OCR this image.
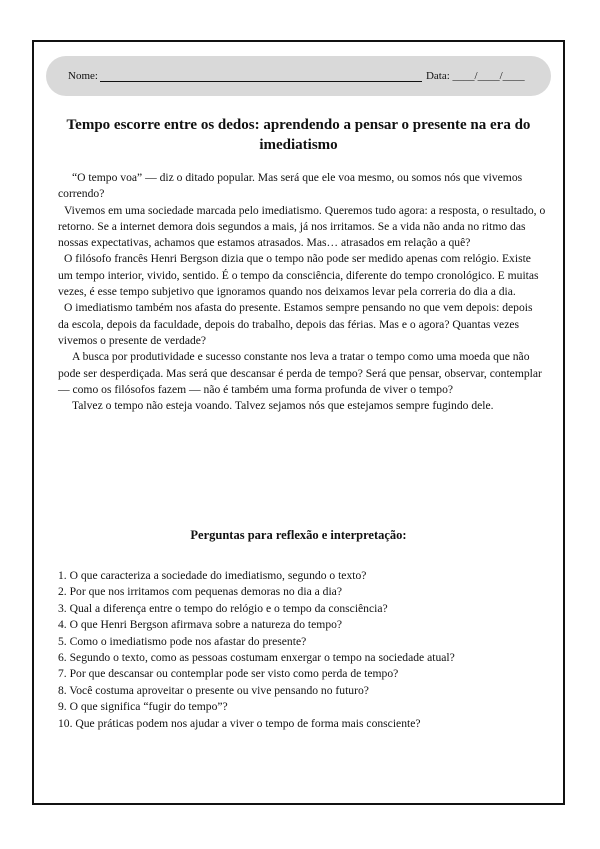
Nome:	Data: ____/____/____
Tempo escorre entre os dedos: aprendendo a pensar o presente na era do imediatismo

“O tempo voa” — diz o ditado popular. Mas será que ele voa mesmo, ou somos nós que vivemos correndo?

Vivemos em uma sociedade marcada pelo imediatismo. Queremos tudo agora: a resposta, o resultado, o retorno. Se a internet demora dois segundos a mais, já nos irritamos. Se a vida não anda no ritmo das nossas expectativas, achamos que estamos atrasados. Mas… atrasados em relação a quê?

O filósofo francês Henri Bergson dizia que o tempo não pode ser medido apenas com relógio. Existe um tempo interior, vivido, sentido. É o tempo da consciência, diferente do tempo cronológico. E muitas vezes, é esse tempo subjetivo que ignoramos quando nos deixamos levar pela correria do dia a dia.

O imediatismo também nos afasta do presente. Estamos sempre pensando no que vem depois: depois da escola, depois da faculdade, depois do trabalho, depois das férias. Mas e o agora? Quantas vezes vivemos o presente de verdade?

A busca por produtividade e sucesso constante nos leva a tratar o tempo como uma moeda que não pode ser desperdiçada. Mas será que descansar é perda de tempo? Será que pensar, observar, contemplar — como os filósofos fazem — não é também uma forma profunda de viver o tempo?

Talvez o tempo não esteja voando. Talvez sejamos nós que estejamos sempre fugindo dele.

Perguntas para reflexão e interpretação:
1. O que caracteriza a sociedade do imediatismo, segundo o texto?
2. Por que nos irritamos com pequenas demoras no dia a dia?
3. Qual a diferença entre o tempo do relógio e o tempo da consciência?
4. O que Henri Bergson afirmava sobre a natureza do tempo?
5. Como o imediatismo pode nos afastar do presente?
6. Segundo o texto, como as pessoas costumam enxergar o tempo na sociedade atual?
7. Por que descansar ou contemplar pode ser visto como perda de tempo?
8. Você costuma aproveitar o presente ou vive pensando no futuro?
9. O que significa “fugir do tempo”?
10. Que práticas podem nos ajudar a viver o tempo de forma mais consciente?
